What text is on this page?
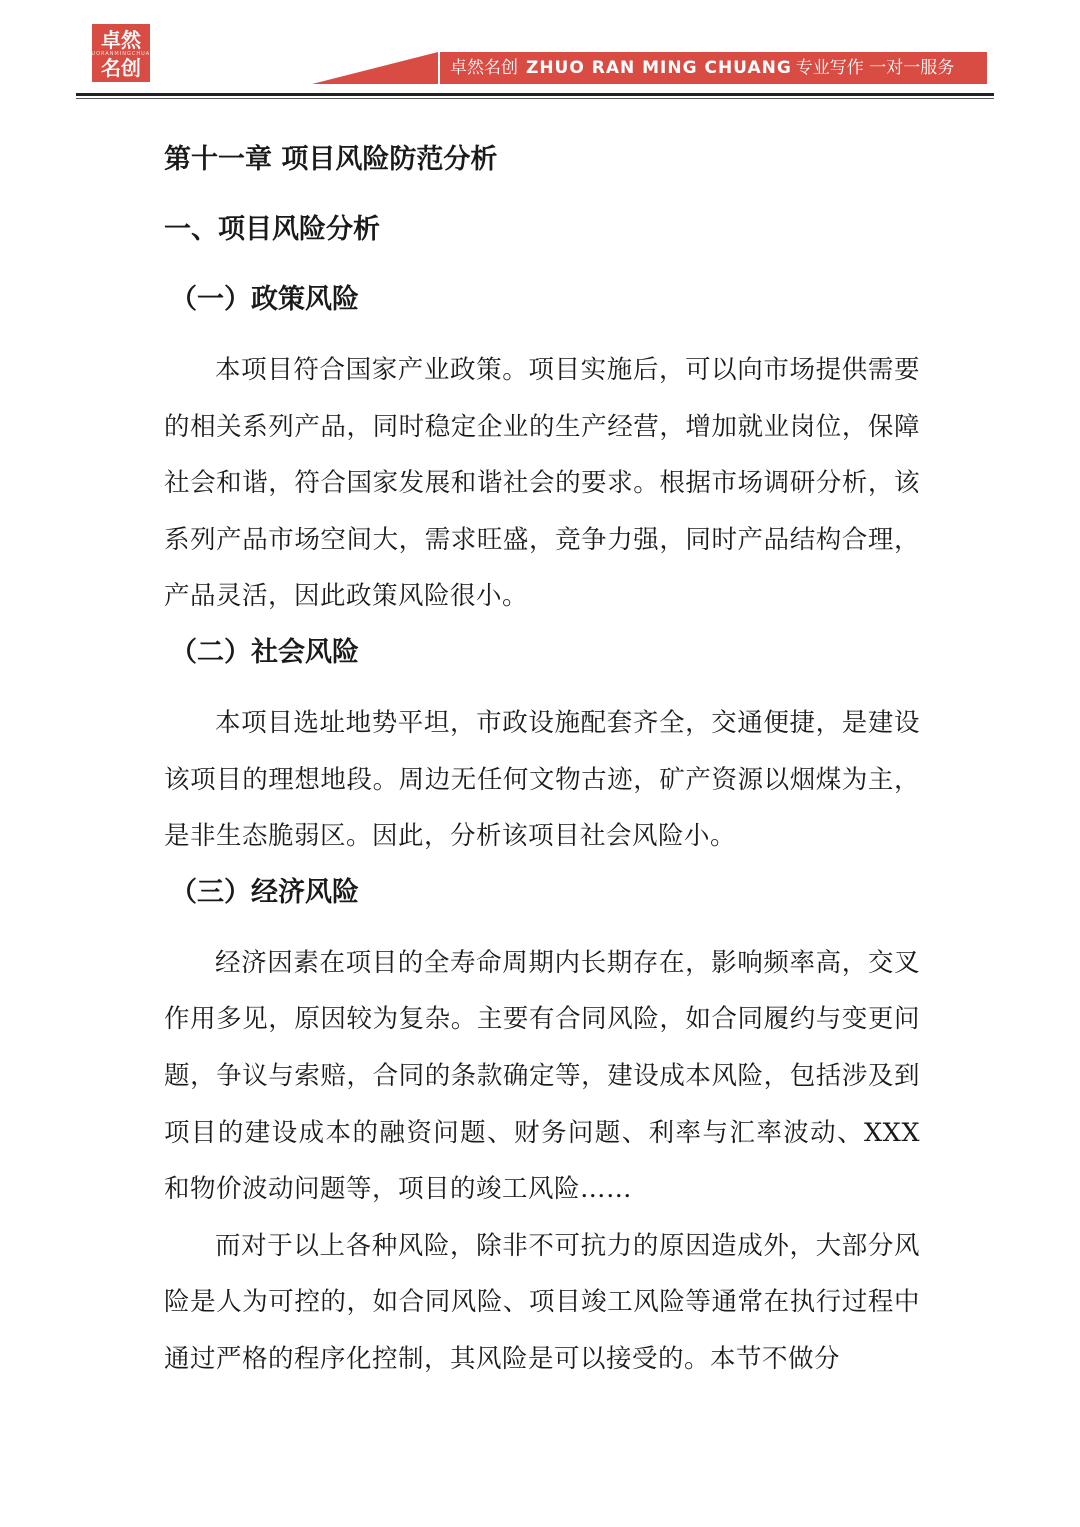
卓然
ZHUORANMINGCHUANG
名创	卓然名创 ZHUO RAN MING CHUANG 专业写作 一对一服务
第十一章 项目风险防范分析
一、项目风险分析
（一）政策风险

本项目符合国家产业政策。项目实施后，可以向市场提供需要的相关系列产品，同时稳定企业的生产经营，增加就业岗位，保障社会和谐，符合国家发展和谐社会的要求。根据市场调研分析，该系列产品市场空间大，需求旺盛，竞争力强，同时产品结构合理，产品灵活，因此政策风险很小。

（二）社会风险

本项目选址地势平坦，市政设施配套齐全，交通便捷，是建设该项目的理想地段。周边无任何文物古迹，矿产资源以烟煤为主，是非生态脆弱区。因此，分析该项目社会风险小。

（三）经济风险

经济因素在项目的全寿命周期内长期存在，影响频率高，交叉作用多见，原因较为复杂。主要有合同风险，如合同履约与变更问题，争议与索赔，合同的条款确定等，建设成本风险，包括涉及到项目的建设成本的融资问题、财务问题、利率与汇率波动、XXX 和物价波动问题等，项目的竣工风险……

而对于以上各种风险，除非不可抗力的原因造成外，大部分风险是人为可控的，如合同风险、项目竣工风险等通常在执行过程中通过严格的程序化控制，其风险是可以接受的。本节不做分
